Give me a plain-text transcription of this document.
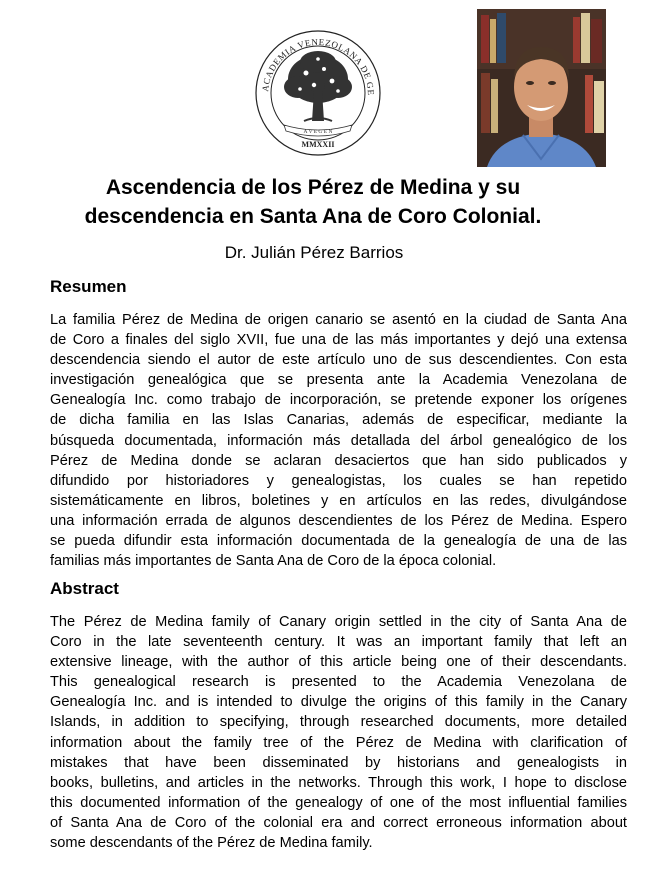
ACADEMIA VENEZOLANA DE GE
A V E G E N
MMXXII
Ascendencia de los Pérez de Medina y su
descendencia en Santa Ana de Coro Colonial.
Dr. Julián Pérez Barrios
Resumen
La familia Pérez de Medina de origen canario se asentó en la ciudad de Santa Ana
de Coro a finales del siglo XVII, fue una de las más importantes y dejó una extensa
descendencia siendo el autor de este artículo uno de sus descendientes. Con esta
investigación genealógica que se presenta ante la Academia Venezolana de
Genealogía Inc. como trabajo de incorporación, se pretende exponer los orígenes
de dicha familia en las Islas Canarias, además de especificar, mediante la
búsqueda documentada, información más detallada del árbol genealógico de los
Pérez de Medina donde se aclaran desaciertos que han sido publicados y
difundido por historiadores y genealogistas, los cuales se han repetido
sistemáticamente en libros, boletines y en artículos en las redes, divulgándose
una información errada de algunos descendientes de los Pérez de Medina. Espero
se pueda difundir esta información documentada de la genealogía de una de las
familias más importantes de Santa Ana de Coro de la época colonial.
Abstract
The Pérez de Medina family of Canary origin settled in the city of Santa Ana de
Coro in the late seventeenth century. It was an important family that left an
extensive lineage, with the author of this article being one of their descendants.
This genealogical research is presented to the Academia Venezolana de
Genealogía Inc. and is intended to divulge the origins of this family in the Canary
Islands, in addition to specifying, through researched documents, more detailed
information about the family tree of the Pérez de Medina with clarification of
mistakes that have been disseminated by historians and genealogists in
books, bulletins, and articles in the networks. Through this work, I hope to disclose
this documented information of the genealogy of one of the most influential families
of Santa Ana de Coro of the colonial era and correct erroneous information about
some descendants of the Pérez de Medina family.
